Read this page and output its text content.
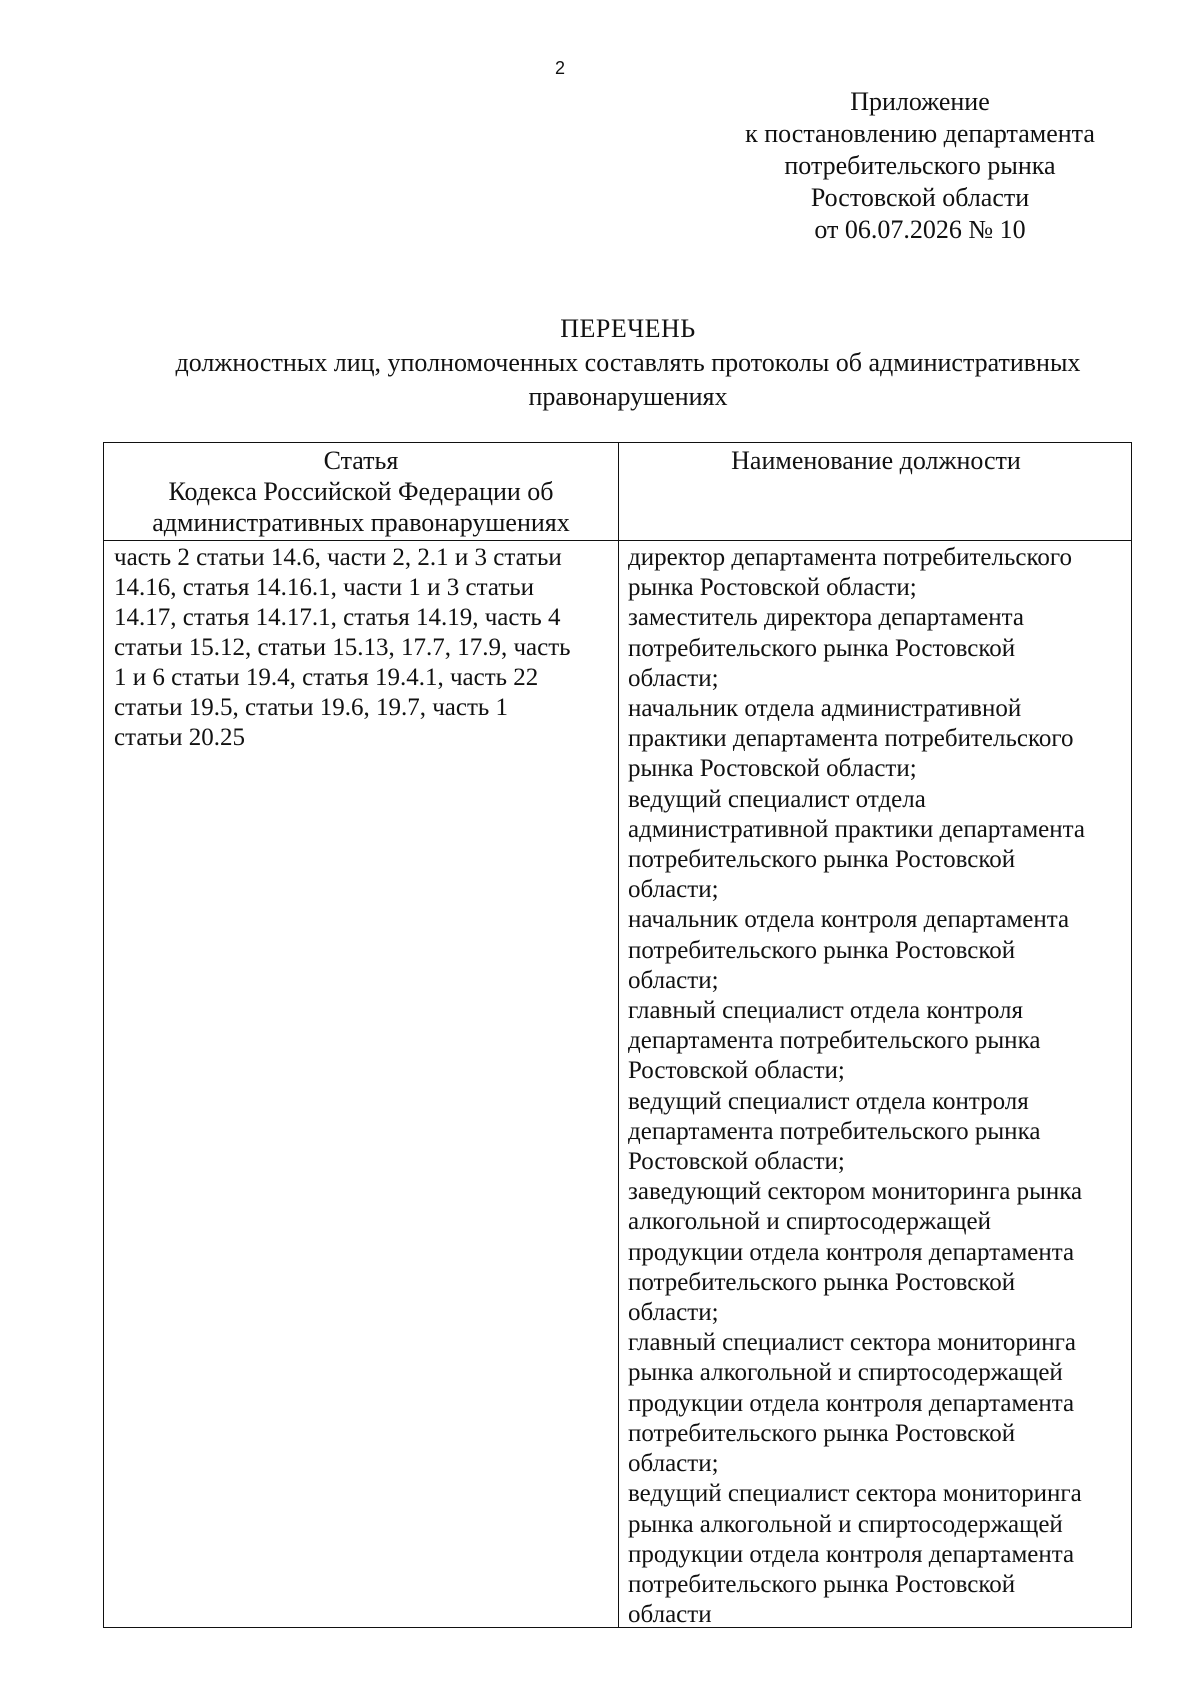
2
Приложение
к постановлению департамента
потребительского рынка
Ростовской области
от 06.07.2026 № 10
ПЕРЕЧЕНЬ
должностных лиц, уполномоченных составлять протоколы об административных
правонарушениях
Статья
Кодекса Российской Федерации об
административных правонарушениях
Наименование должности
часть 2 статьи 14.6, части 2, 2.1 и 3 статьи
14.16, статья 14.16.1, части 1 и 3 статьи
14.17, статья 14.17.1, статья 14.19, часть 4
статьи 15.12, статьи 15.13, 17.7, 17.9, часть
1 и 6 статьи 19.4, статья 19.4.1, часть 22
статьи 19.5, статьи 19.6, 19.7, часть 1
статьи 20.25
директор департамента потребительского
рынка Ростовской области;
заместитель директора департамента
потребительского рынка Ростовской
области;
начальник отдела административной
практики департамента потребительского
рынка Ростовской области;
ведущий специалист отдела
административной практики департамента
потребительского рынка Ростовской
области;
начальник отдела контроля департамента
потребительского рынка Ростовской
области;
главный специалист отдела контроля
департамента потребительского рынка
Ростовской области;
ведущий специалист отдела контроля
департамента потребительского рынка
Ростовской области;
заведующий сектором мониторинга рынка
алкогольной и спиртосодержащей
продукции отдела контроля департамента
потребительского рынка Ростовской
области;
главный специалист сектора мониторинга
рынка алкогольной и спиртосодержащей
продукции отдела контроля департамента
потребительского рынка Ростовской
области;
ведущий специалист сектора мониторинга
рынка алкогольной и спиртосодержащей
продукции отдела контроля департамента
потребительского рынка Ростовской
области
